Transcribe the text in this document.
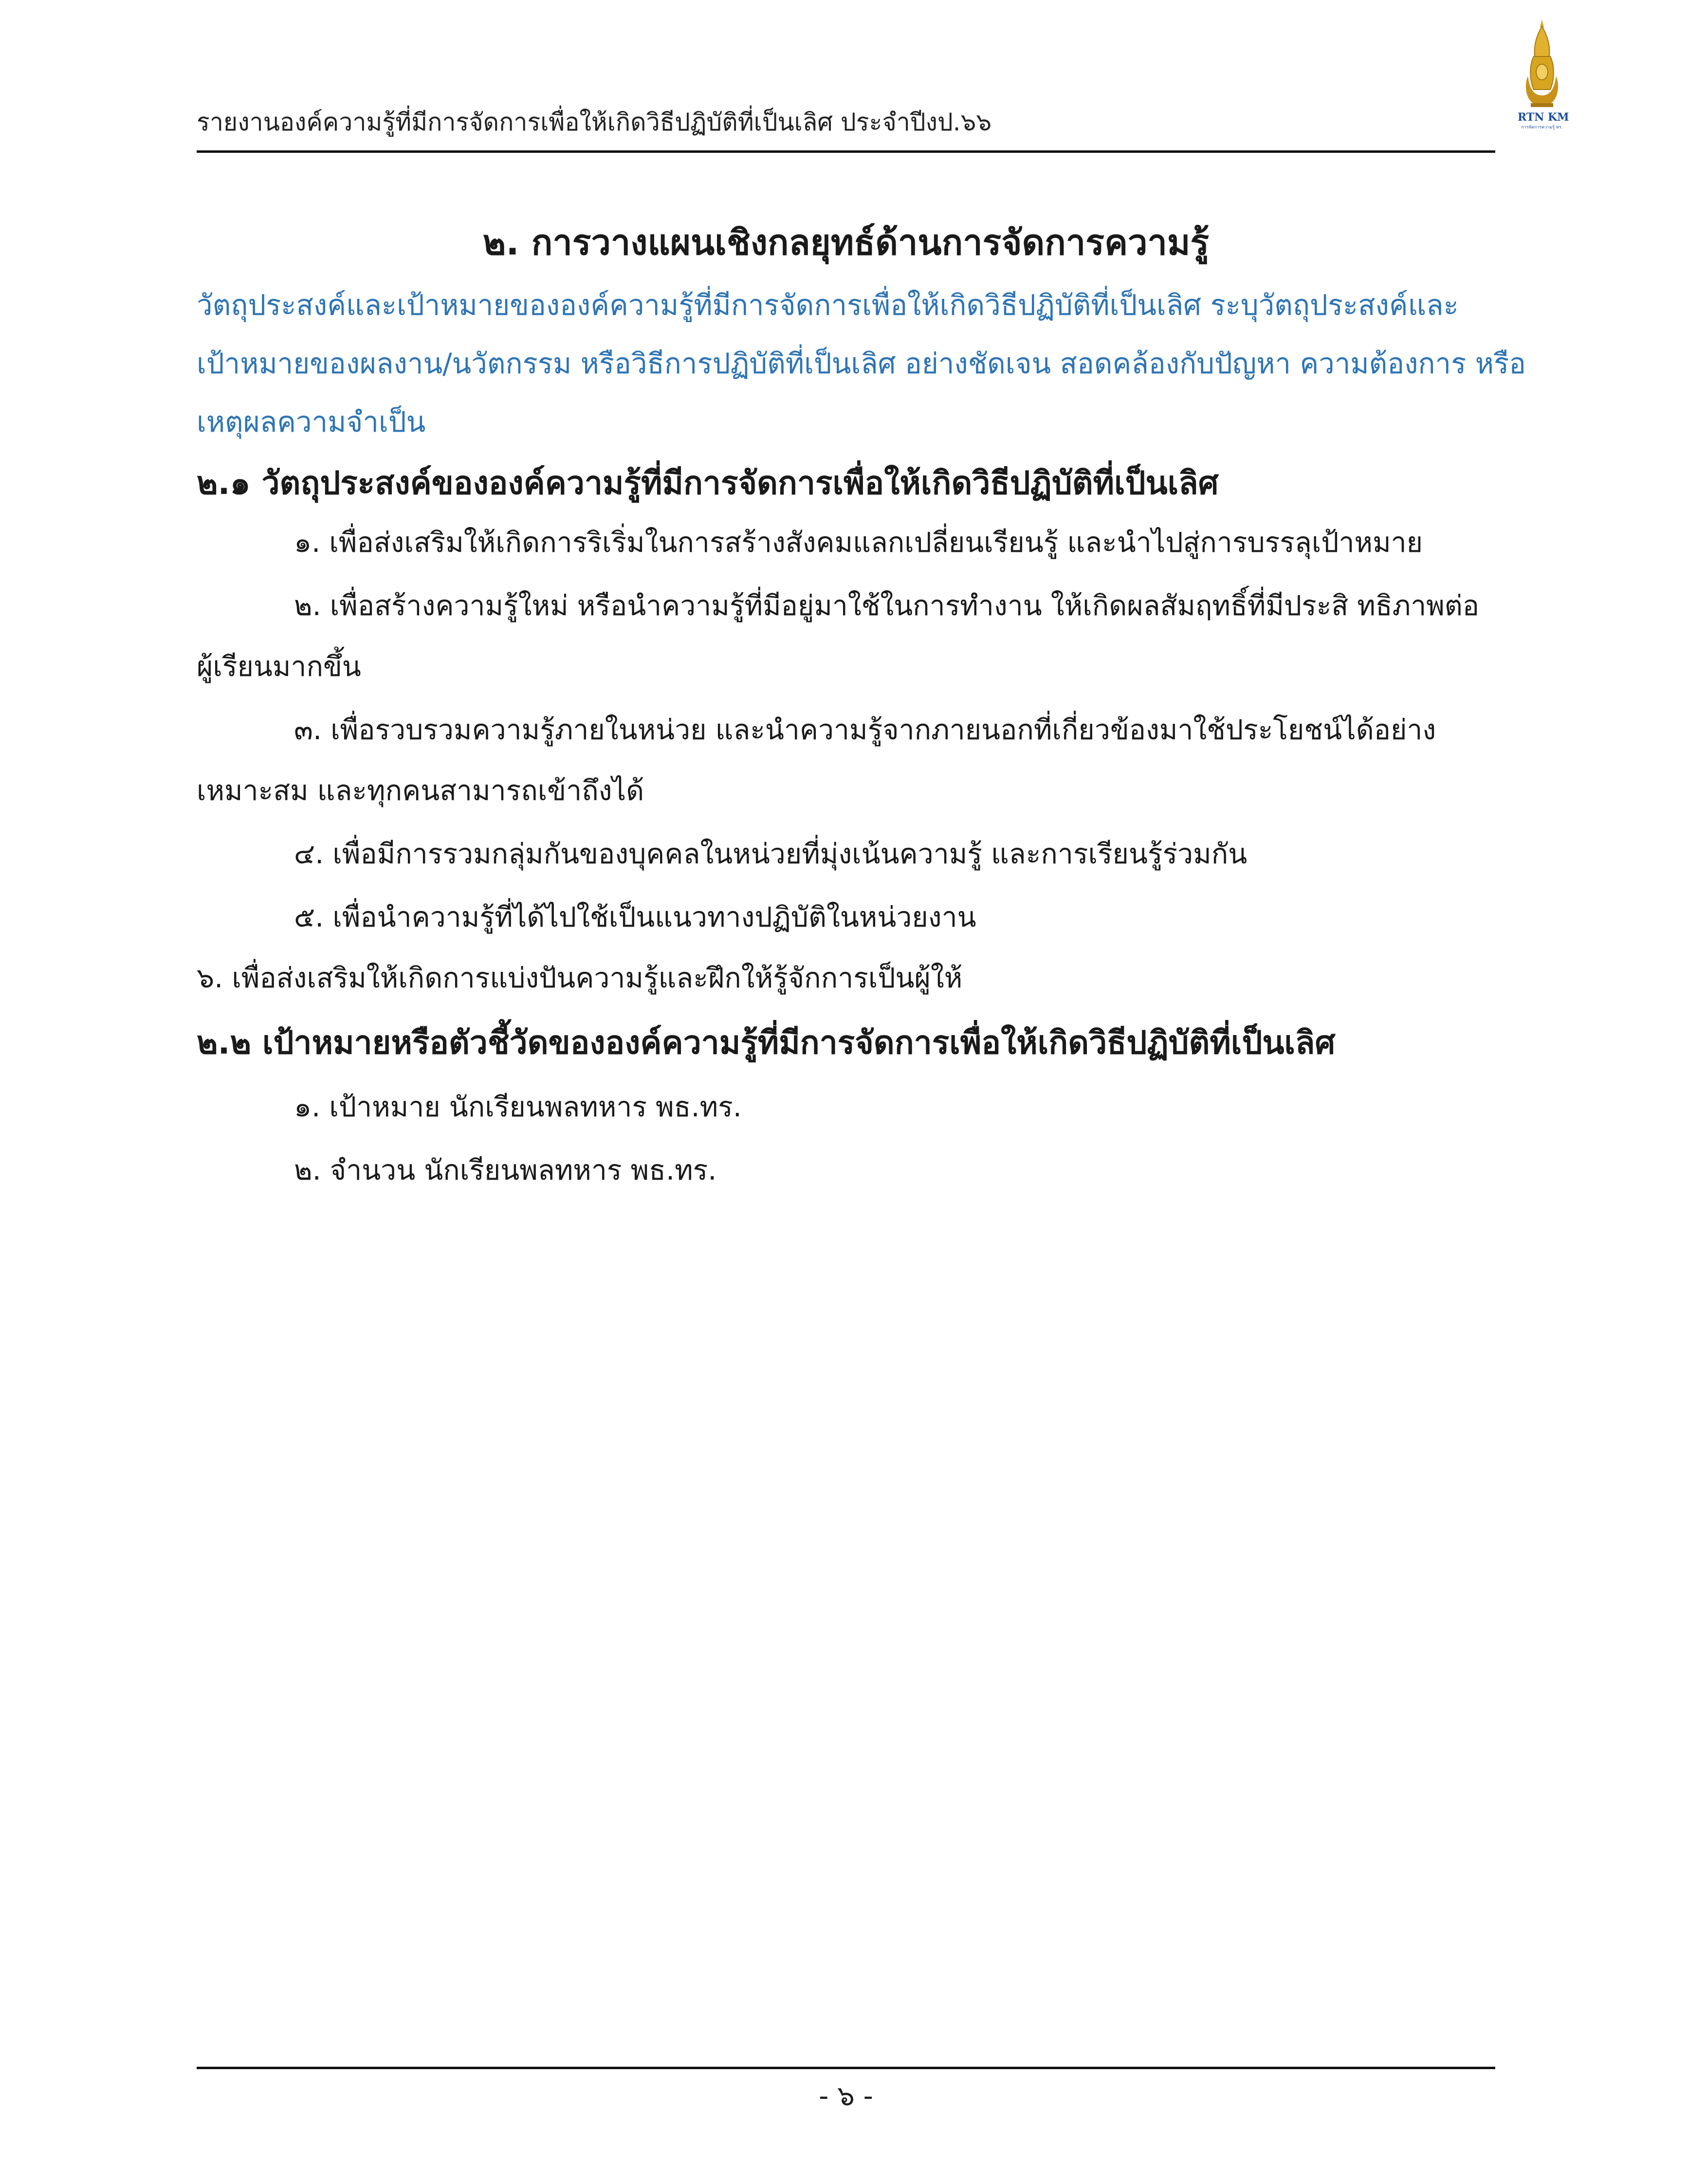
รายงานองค์ความรู้ที่มีการจัดการเพื่อให้เกิดวิธีปฏิบัติที่เป็นเลิศ ประจำปีงป.๖๖	RTN KM
การจัดการความรู้ ทร.
๒. การวางแผนเชิงกลยุทธ์ด้านการจัดการความรู้
วัตถุประสงค์และเป้าหมายขององค์ความรู้ที่มีการจัดการเพื่อให้เกิดวิธีปฏิบัติที่เป็นเลิศ ระบุวัตถุประสงค์และ
เป้าหมายของผลงาน/นวัตกรรม หรือวิธีการปฏิบัติที่เป็นเลิศ อย่างชัดเจน สอดคล้องกับปัญหา ความต้องการ หรือ
เหตุผลความจำเป็น
๒.๑ วัตถุประสงค์ขององค์ความรู้ที่มีการจัดการเพื่อให้เกิดวิธีปฏิบัติที่เป็นเลิศ
๑. เพื่อส่งเสริมให้เกิดการริเริ่มในการสร้างสังคมแลกเปลี่ยนเรียนรู้ และนำไปสู่การบรรลุเป้าหมาย
๒. เพื่อสร้างความรู้ใหม่ หรือนำความรู้ที่มีอยู่มาใช้ในการทำงาน ให้เกิดผลสัมฤทธิ์ที่มีประสิ ทธิภาพต่อ
ผู้เรียนมากขึ้น
๓. เพื่อรวบรวมความรู้ภายในหน่วย และนำความรู้จากภายนอกที่เกี่ยวข้องมาใช้ประโยชน์ได้อย่าง
เหมาะสม และทุกคนสามารถเข้าถึงได้
๔. เพื่อมีการรวมกลุ่มกันของบุคคลในหน่วยที่มุ่งเน้นความรู้ และการเรียนรู้ร่วมกัน
๕. เพื่อนำความรู้ที่ได้ไปใช้เป็นแนวทางปฏิบัติในหน่วยงาน
๖. เพื่อส่งเสริมให้เกิดการแบ่งปันความรู้และฝึกให้รู้จักการเป็นผู้ให้
๒.๒ เป้าหมายหรือตัวชี้วัดขององค์ความรู้ที่มีการจัดการเพื่อให้เกิดวิธีปฏิบัติที่เป็นเลิศ
๑. เป้าหมาย นักเรียนพลทหาร พธ.ทร.
๒. จำนวน นักเรียนพลทหาร พธ.ทร.
- ๖ -
